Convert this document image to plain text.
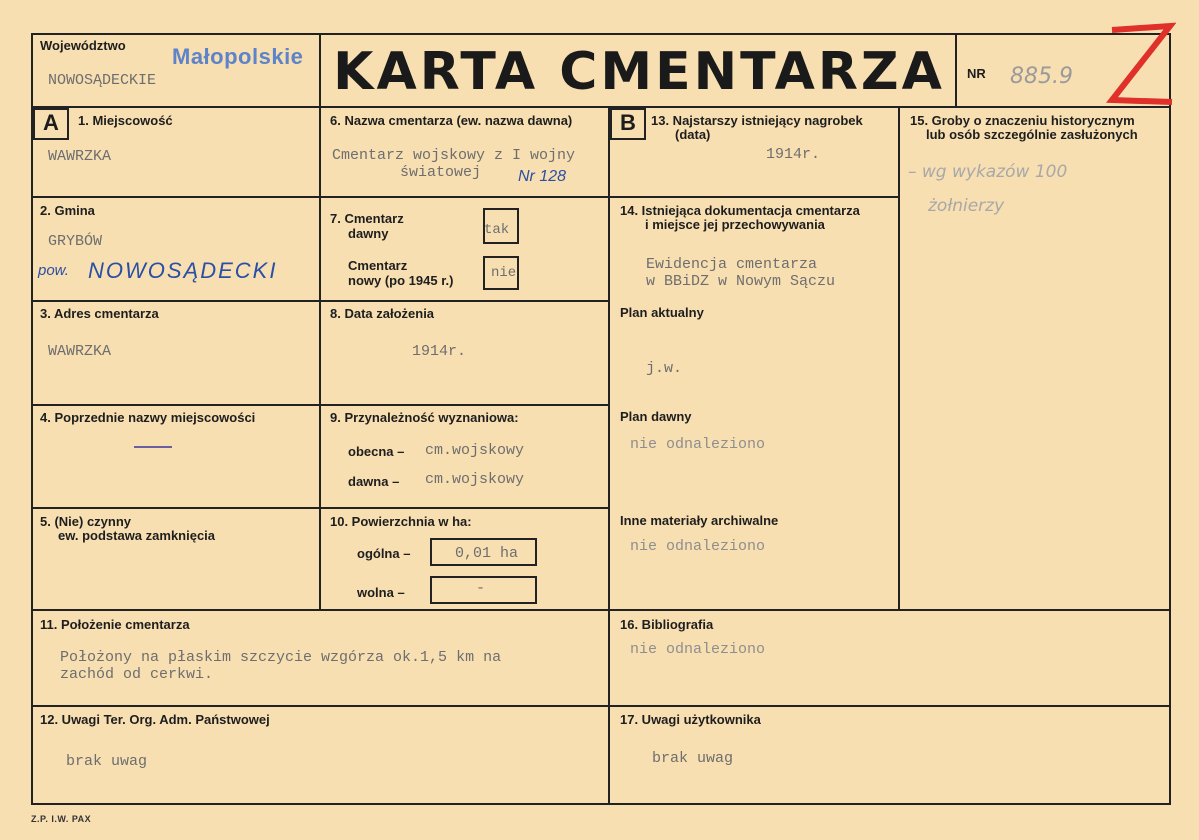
Województwo Małopolskie
NOWOSĄDECKIE	KARTA CMENTARZA	NR 885.9
A	1. Miejscowość
WAWRZKA
2. Gmina
GRYBÓW
pow. NOWOSĄDECKI
3. Adres cmentarza
WAWRZKA
4. Poprzednie nazwy miejscowości
5. (Nie) czynny
ew. podstawa zamknięcia
6. Nazwa cmentarza (ew. nazwa dawna)
Cmentarz wojskowy z I wojny
światowej Nr 128
7. Cmentarz
dawny	tak
Cmentarz
nowy (po 1945 r.)	nie
8. Data założenia
1914r.
9. Przynależność wyznaniowa:
obecna – cm.wojskowy
dawna – cm.wojskowy
10. Powierzchnia w ha:
ogólna –	0,01 ha
wolna –	-
B	13. Najstarszy istniejący nagrobek
(data)
1914r.
14. Istniejąca dokumentacja cmentarza
i miejsce jej przechowywania
Ewidencja cmentarza
w BBiDZ w Nowym Sączu
Plan aktualny
j.w.
Plan dawny
nie odnaleziono
Inne materiały archiwalne
nie odnaleziono
15. Groby o znaczeniu historycznym
lub osób szczególnie zasłużonych
– wg wykazów 100
żołnierzy
11. Położenie cmentarza
Położony na płaskim szczycie wzgórza ok.1,5 km na
zachód od cerkwi.
16. Bibliografia
nie odnaleziono
12. Uwagi Ter. Org. Adm. Państwowej
brak uwag
17. Uwagi użytkownika
brak uwag
Z.P. I.W. PAX
